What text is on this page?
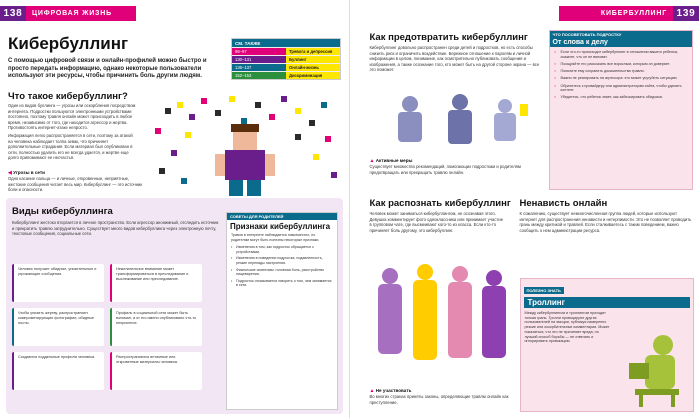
138	ЦИФРОВАЯ ЖИЗНЬ
Кибербуллинг

С помощью цифровой связи и онлайн-профилей можно быстро и просто передать информацию, однако некоторые пользователи используют эти ресурсы, чтобы причинить боль другим людям.

СМ. ТАКЖЕ
96–97	Тревога и депрессия
130–131	Буллинг
136–137	Онлайн-жизнь
152–153	Дискриминация
Что такое кибербуллинг?

Один из видов буллинга — угрозы или оскорбления посредством интернета. Подростки пользуются электронными устройствами постоянно, поэтому травля онлайн может происходить в любое время, независимо от того, где находится агрессор и жертва. Противостоять интернет-атаке непросто.

Информация легко распространяется в сети, поэтому за атакой на человека наблюдает толпа зевак, что причиняет дополнительные страдания. Если материал был опубликован в сети, полностью удалить его не всегда удается, и жертве еще долго припоминают ее несчастья.

◀ Угрозы в сети

Одно касание пальца — и личные, откровенные, неприятные, жестокие сообщения читает весь мир. Кибербуллинг — это источник боли и опасности.

Виды кибербуллинга

Кибербуллинг жестоко вторгается в личное пространство. Если агрессор анонимный, отследить источник и прекратить травлю затруднительно. Существует много видов кибербуллинга через электронную почту, текстовые сообщения, социальные сети.

Человек получает обидные, унизительные и угрожающие сообщения.
Нежелательное внимание может трансформироваться в преследование и выслеживание или преследование.
Чтобы унизить жертву, распространяют компрометирующие фотографии, обидные посты.
Профиль в социальной сети может быть взломан, а от его имени опубликовано что-то неприятное.
Создаются поддельные профили человека.	Распространяются интимные или откровенные материалы человека.
СОВЕТЫ ДЛЯ РОДИТЕЛЕЙ
Признаки кибербуллинга

Травля в интернете наблюдается повсеместно, но родителям могут быть полезны некоторые признаки.

• Изменения в том, как подросток обращается с устройствами.
• Изменения в поведении подростка, подавленность, резкие перепады настроения.
• Физические симптомы: головная боль, расстройство пищеварения.
• Подросток отказывается говорить о том, чем занимается в сети.
КИБЕРБУЛЛИНГ 139
Как предотвратить кибербуллинг

Кибербуллинг довольно распространен среди детей и подростков, но есть способы снизить риск и ограничить воздействие. Бережное отношение к паролям и личной информации в целом, понимание, как осмотрительно публиковать сообщения и изображения, а также осознание того, кто может быть на другой стороне экрана — все это поможет.

▲ Активные меры

Существует множество рекомендаций, помогающих подросткам и родителям предотвращать или прекращать травлю онлайн.

ЧТО ПОСОВЕТОВАТЬ ПОДРОСТКУ
От слова к делу
▪ Если что-то происходит кибербуллинг в отношении вашего ребенка, скажите, что он не виноват.
▪ Поощряйте его рассказать все взрослым, которым он доверяет.
▪ Помогите ему сохранить доказательства травли.
▪ Важно не реагировать на агрессора: это может усугубить ситуацию.
▪ Обратитесь к провайдеру или администраторам сайта, чтобы удалить контент.
▪ Убедитесь, что ребенок знает, как заблокировать обидчика.
Как распознать кибербуллинг

Человек может заниматься кибербуллингом, не осознавая этого. Девушка комментирует фото одноклассника или принимает участие в групповом чате, где высмеивают кого-то из класса. Если кто-то причиняет боль другому, это кибербуллинг.

▲ Не участвовать

Во многих странах приняты законы, определяющие травлю онлайн как преступление.

Ненависть онлайн

К сожалению, существует немногочисленная группа людей, которые используют интернет для распространения ненависти и нетерпимости. Это не позволяет проводить грань между критикой и травлей. Если сталкиваетесь с таким поведением, важно сообщить о нем администрации ресурса.

ПОЛЕЗНО ЗНАТЬ
Троллинг

Между кибербуллингом и троллингом проходит тонкая грань. Тролли провоцируют других пользователей на эмоции, публикуя намеренно резкие или оскорбительные комментарии. Может показаться, что это не причиняет вреда, но лучший способ борьбы — не отвечать и игнорировать провокацию.
